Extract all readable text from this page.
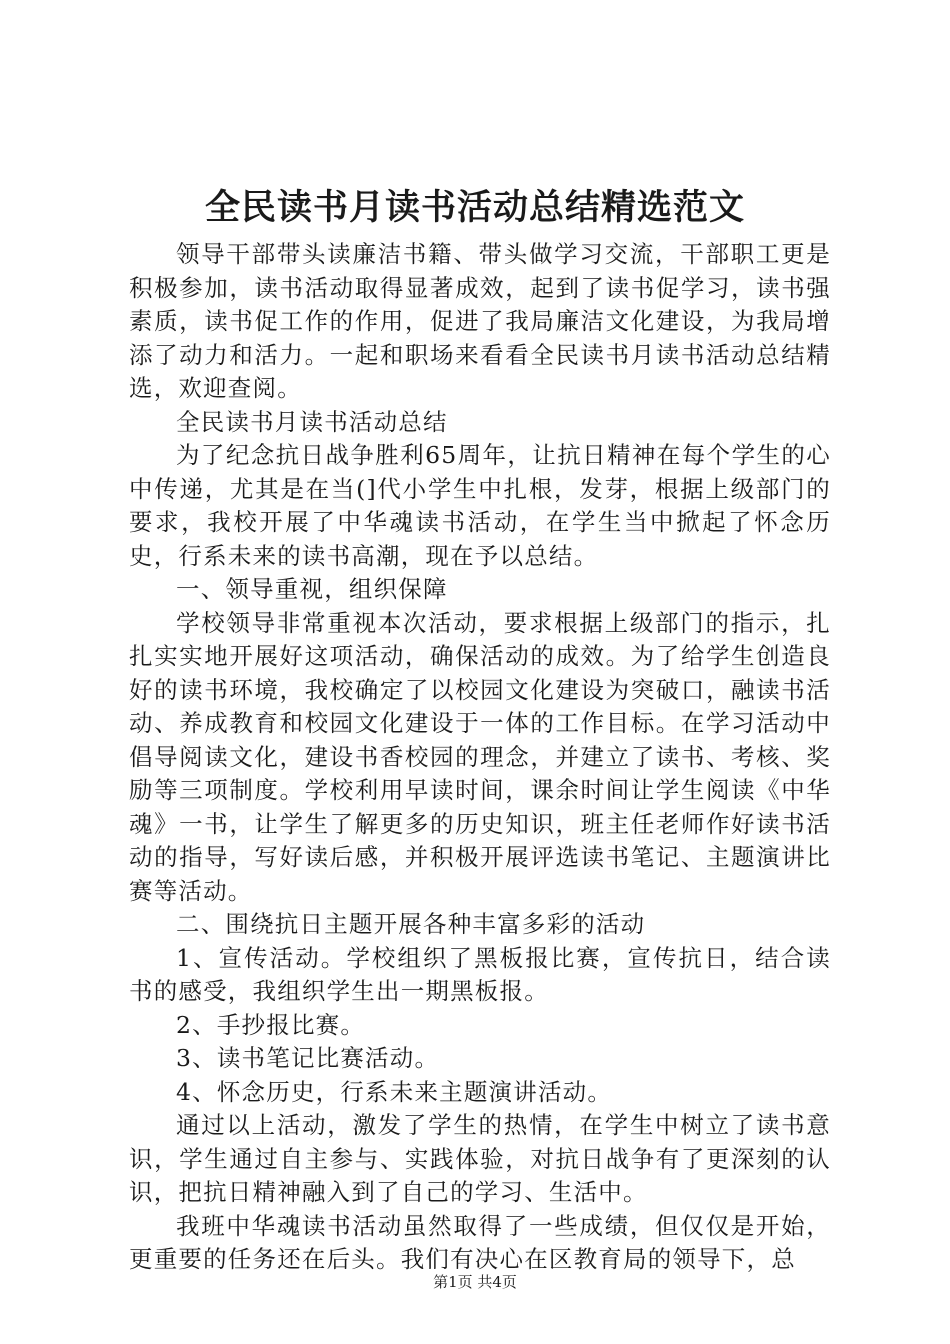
全民读书月读书活动总结精选范文

领导干部带头读廉洁书籍、带头做学习交流，干部职工更是积极参加，读书活动取得显著成效，起到了读书促学习，读书强素质，读书促工作的作用，促进了我局廉洁文化建设，为我局增添了动力和活力。一起和职场来看看全民读书月读书活动总结精选，欢迎查阅。

全民读书月读书活动总结

为了纪念抗日战争胜利65周年，让抗日精神在每个学生的心中传递，尤其是在当(]代小学生中扎根，发芽，根据上级部门的要求，我校开展了中华魂读书活动，在学生当中掀起了怀念历史，行系未来的读书高潮，现在予以总结。

一、领导重视，组织保障

学校领导非常重视本次活动，要求根据上级部门的指示，扎扎实实地开展好这项活动，确保活动的成效。为了给学生创造良好的读书环境，我校确定了以校园文化建设为突破口，融读书活动、养成教育和校园文化建设于一体的工作目标。在学习活动中倡导阅读文化，建设书香校园的理念，并建立了读书、考核、奖励等三项制度。学校利用早读时间，课余时间让学生阅读《中华魂》一书，让学生了解更多的历史知识，班主任老师作好读书活动的指导，写好读后感，并积极开展评选读书笔记、主题演讲比赛等活动。

二、围绕抗日主题开展各种丰富多彩的活动

1、宣传活动。学校组织了黑板报比赛，宣传抗日，结合读书的感受，我组织学生出一期黑板报。

2、手抄报比赛。

3、读书笔记比赛活动。

4、怀念历史，行系未来主题演讲活动。

通过以上活动，激发了学生的热情，在学生中树立了读书意识，学生通过自主参与、实践体验，对抗日战争有了更深刻的认识，把抗日精神融入到了自己的学习、生活中。

我班中华魂读书活动虽然取得了一些成绩，但仅仅是开始，更重要的任务还在后头。我们有决心在区教育局的领导下，总

第1页 共4页
